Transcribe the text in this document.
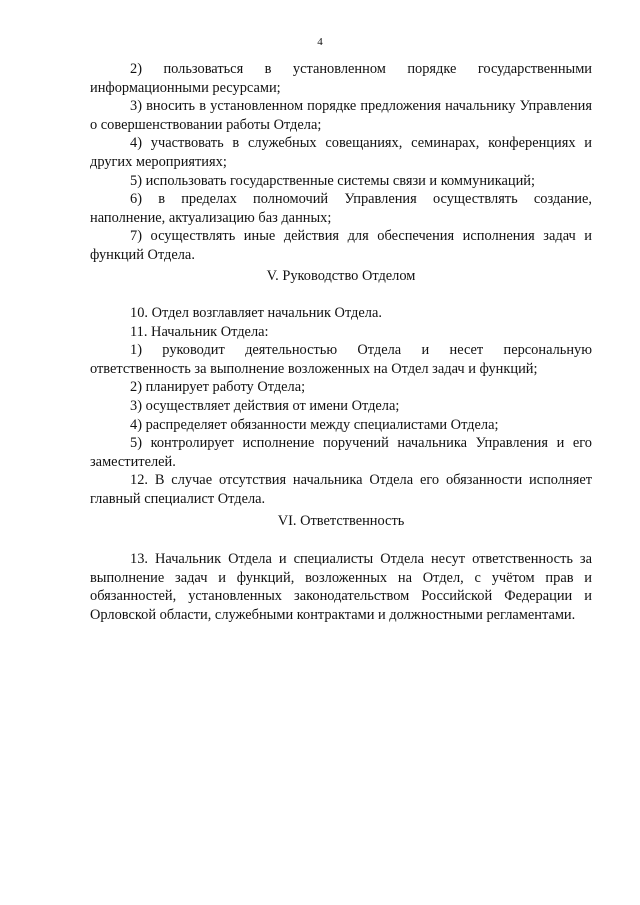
4

2) пользоваться в установленном порядке государственными информационными ресурсами;

3) вносить в установленном порядке предложения начальнику Управления о совершенствовании работы Отдела;

4) участвовать в служебных совещаниях, семинарах, конференциях и других мероприятиях;

5) использовать государственные системы связи и коммуникаций;

6) в пределах полномочий Управления осуществлять создание, наполнение, актуализацию баз данных;

7) осуществлять иные действия для обеспечения исполнения задач и функций Отдела.

V. Руководство Отделом

10. Отдел возглавляет начальник Отдела.

11. Начальник Отдела:

1) руководит деятельностью Отдела и несет персональную ответственность за выполнение возложенных на Отдел задач и функций;

2) планирует работу Отдела;

3) осуществляет действия от имени Отдела;

4) распределяет обязанности между специалистами Отдела;

5) контролирует исполнение поручений начальника Управления и его заместителей.

12. В случае отсутствия начальника Отдела его обязанности исполняет главный специалист Отдела.

VI. Ответственность

13. Начальник Отдела и специалисты Отдела несут ответственность за выполнение задач и функций, возложенных на Отдел, с учётом прав и обязанностей, установленных законодательством Российской Федерации и Орловской области, служебными контрактами и должностными регламентами.
